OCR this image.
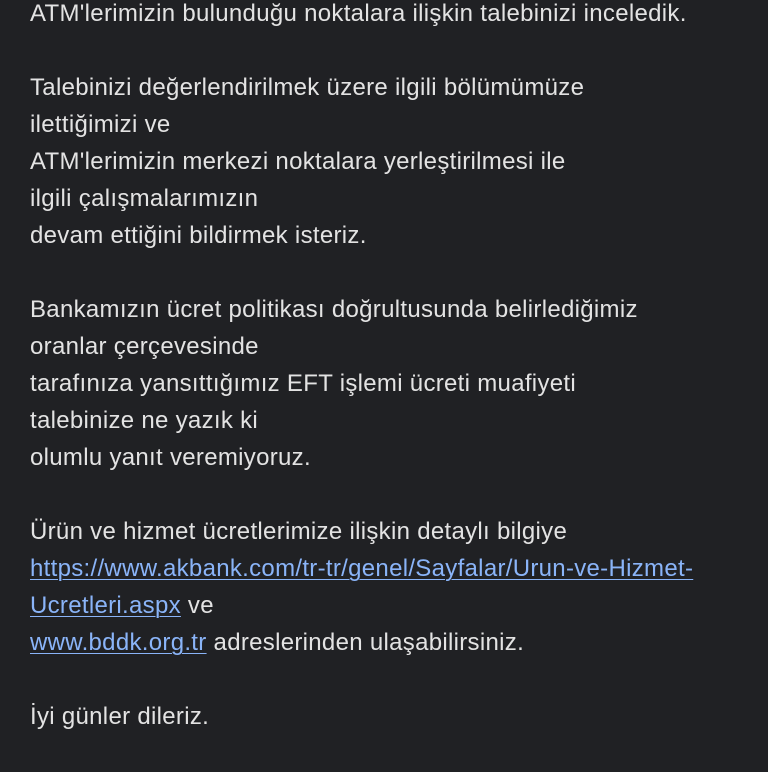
ATM'lerimizin bulunduğu noktalara ilişkin talebinizi inceledik.
Talebinizi değerlendirilmek üzere ilgili bölümümüze
ilettiğimizi ve
ATM'lerimizin merkezi noktalara yerleştirilmesi ile
ilgili çalışmalarımızın
devam ettiğini bildirmek isteriz.
Bankamızın ücret politikası doğrultusunda belirlediğimiz
oranlar çerçevesinde
tarafınıza yansıttığımız EFT işlemi ücreti muafiyeti
talebinize ne yazık ki
olumlu yanıt veremiyoruz.
Ürün ve hizmet ücretlerimize ilişkin detaylı bilgiye
https://www.akbank.com/tr-tr/genel/Sayfalar/Urun-ve-Hizmet-
Ucretleri.aspx ve
www.bddk.org.tr adreslerinden ulaşabilirsiniz.
İyi günler dileriz.
